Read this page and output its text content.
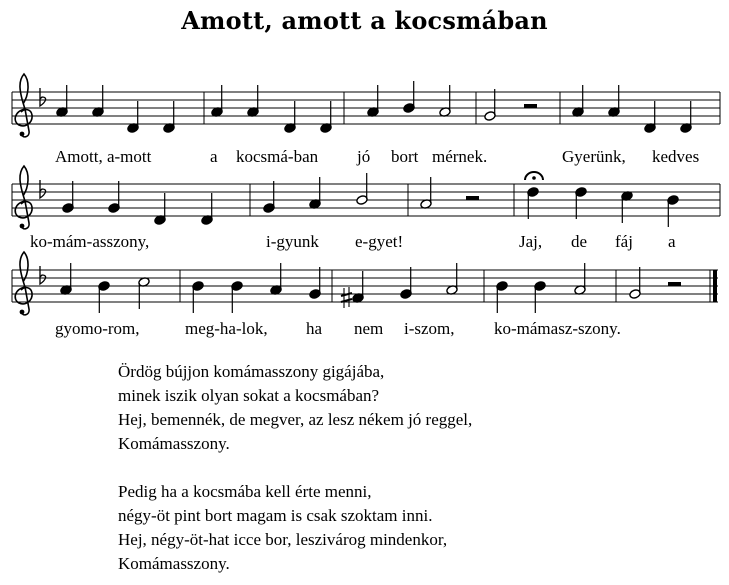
Amott, amott a kocsmában
Amott, a-mott	a kocsmá-ban jó bort mérnek.	Gyerünk, kedves
ko-mám-asszony,	i-gyunk e-gyet!	Jaj, de fáj a
gyomo-rom,	meg-ha-lok, ha nem i-szom, ko-mámasz-szony.
Ördög bújjon komámasszony gigájába,
minek iszik olyan sokat a kocsmában?
Hej, bemennék, de megver, az lesz nékem jó reggel,
Komámasszony.
Pedig ha a kocsmába kell érte menni,
négy-öt pint bort magam is csak szoktam inni.
Hej, négy-öt-hat icce bor, leszivárog mindenkor,
Komámasszony.
